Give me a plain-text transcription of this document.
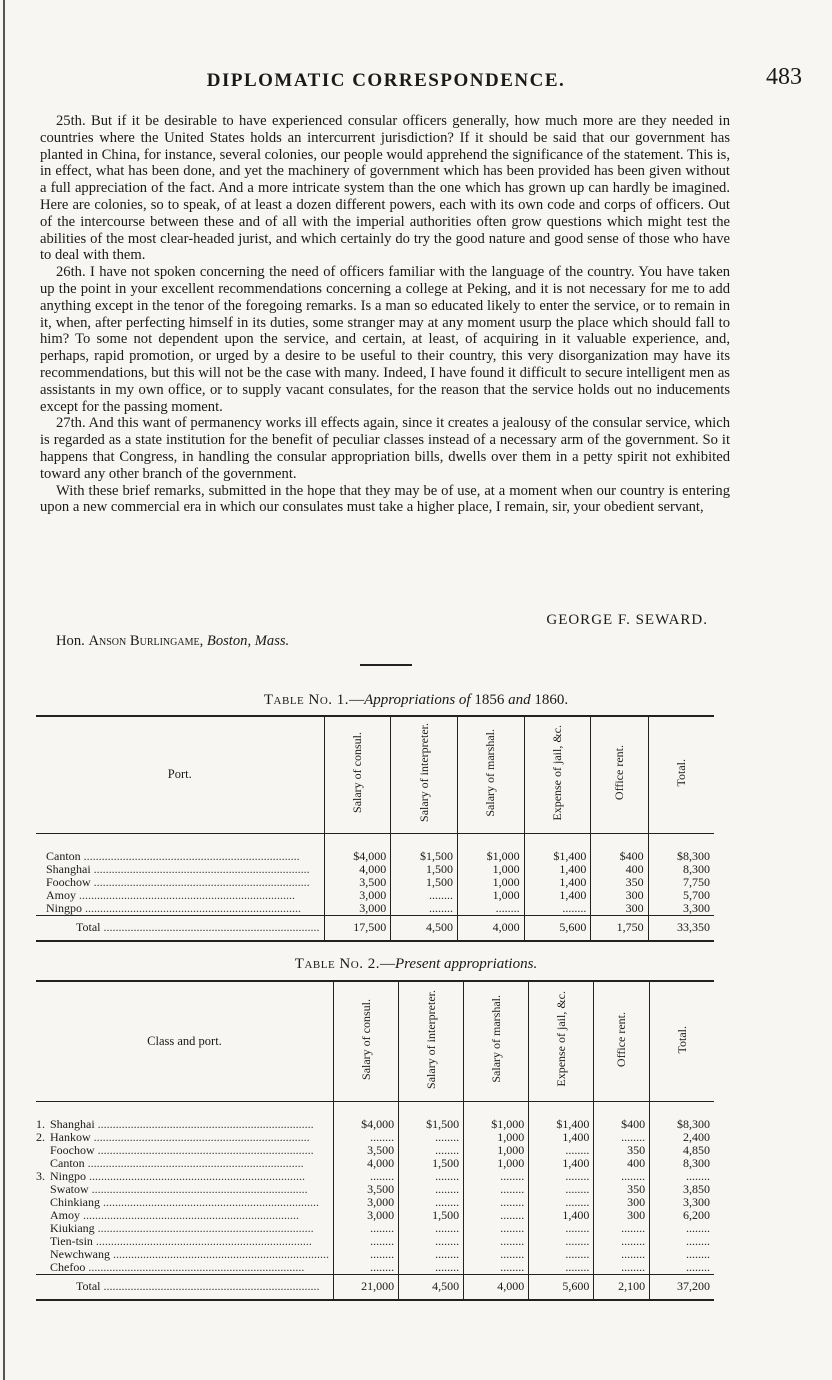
DIPLOMATIC CORRESPONDENCE.	483

25th. But if it be desirable to have experienced consular officers generally, how much more are they needed in countries where the United States holds an intercurrent jurisdiction? If it should be said that our government has planted in China, for instance, several colonies, our people would apprehend the significance of the statement. This is, in effect, what has been done, and yet the machinery of government which has been provided has been given without a full appreciation of the fact. And a more intricate system than the one which has grown up can hardly be imagined. Here are colonies, so to speak, of at least a dozen different powers, each with its own code and corps of officers. Out of the intercourse between these and of all with the imperial authorities often grow questions which might test the abilities of the most clear-headed jurist, and which certainly do try the good nature and good sense of those who have to deal with them.

26th. I have not spoken concerning the need of officers familiar with the language of the country. You have taken up the point in your excellent recommendations concerning a college at Peking, and it is not necessary for me to add anything except in the tenor of the foregoing remarks. Is a man so educated likely to enter the service, or to remain in it, when, after perfecting himself in its duties, some stranger may at any moment usurp the place which should fall to him? To some not dependent upon the service, and certain, at least, of acquiring in it valuable experience, and, perhaps, rapid promotion, or urged by a desire to be useful to their country, this very disorganization may have its recommendations, but this will not be the case with many. Indeed, I have found it difficult to secure intelligent men as assistants in my own office, or to supply vacant consulates, for the reason that the service holds out no inducements except for the passing moment.

27th. And this want of permanency works ill effects again, since it creates a jealousy of the consular service, which is regarded as a state institution for the benefit of peculiar classes instead of a necessary arm of the government. So it happens that Congress, in handling the consular appropriation bills, dwells over them in a petty spirit not exhibited toward any other branch of the government.

With these brief remarks, submitted in the hope that they may be of use, at a moment when our country is entering upon a new commercial era in which our consulates must take a higher place, I remain, sir, your obedient servant,

GEORGE F. SEWARD.
Hon. Anson Burlingame, Boston, Mass.
Table No. 1.—Appropriations of 1856 and 1860.
Port.	Salary of consul.	Salary of interpreter.	Salary of marshal.	Expense of jail, &c.	Office rent.	Total.
Canton .....	$4,000	$1,500	$1,000	$1,400	$400	$8,300
Shanghai .....	4,000	1,500	1,000	1,400	400	8,300
Foochow .....	3,500	1,500	1,000	1,400	350	7,750
Amoy .....	3,000	........	1,000	1,400	300	5,700
Ningpo .....	3,000	........	........	........	300	3,300
Total .....	17,500	4,500	4,000	5,600	1,750	33,350
Table No. 2.—Present appropriations.
Class and port.	Salary of consul.	Salary of interpreter.	Salary of marshal.	Expense of jail, &c.	Office rent.	Total.
1. Shanghai .....	$4,000	$1,500	$1,000	$1,400	$400	$8,300
2. Hankow .....	........	........	1,000	1,400	........	2,400
Foochow .....	3,500	........	1,000	........	350	4,850
Canton .....	4,000	1,500	1,000	1,400	400	8,300
3. Ningpo .....	........	........	........	........	........	........
Swatow .....	3,500	........	........	........	350	3,850
Chinkiang .....	3,000	........	........	........	300	3,300
Amoy .....	3,000	1,500	........	1,400	300	6,200
Kiukiang .....	........	........	........	........	........	........
Tien-tsin .....	........	........	........	........	........	........
Newchwang .....	........	........	........	........	........	........
Chefoo .....	........	........	........	........	........	........
Total .....	21,000	4,500	4,000	5,600	2,100	37,200
